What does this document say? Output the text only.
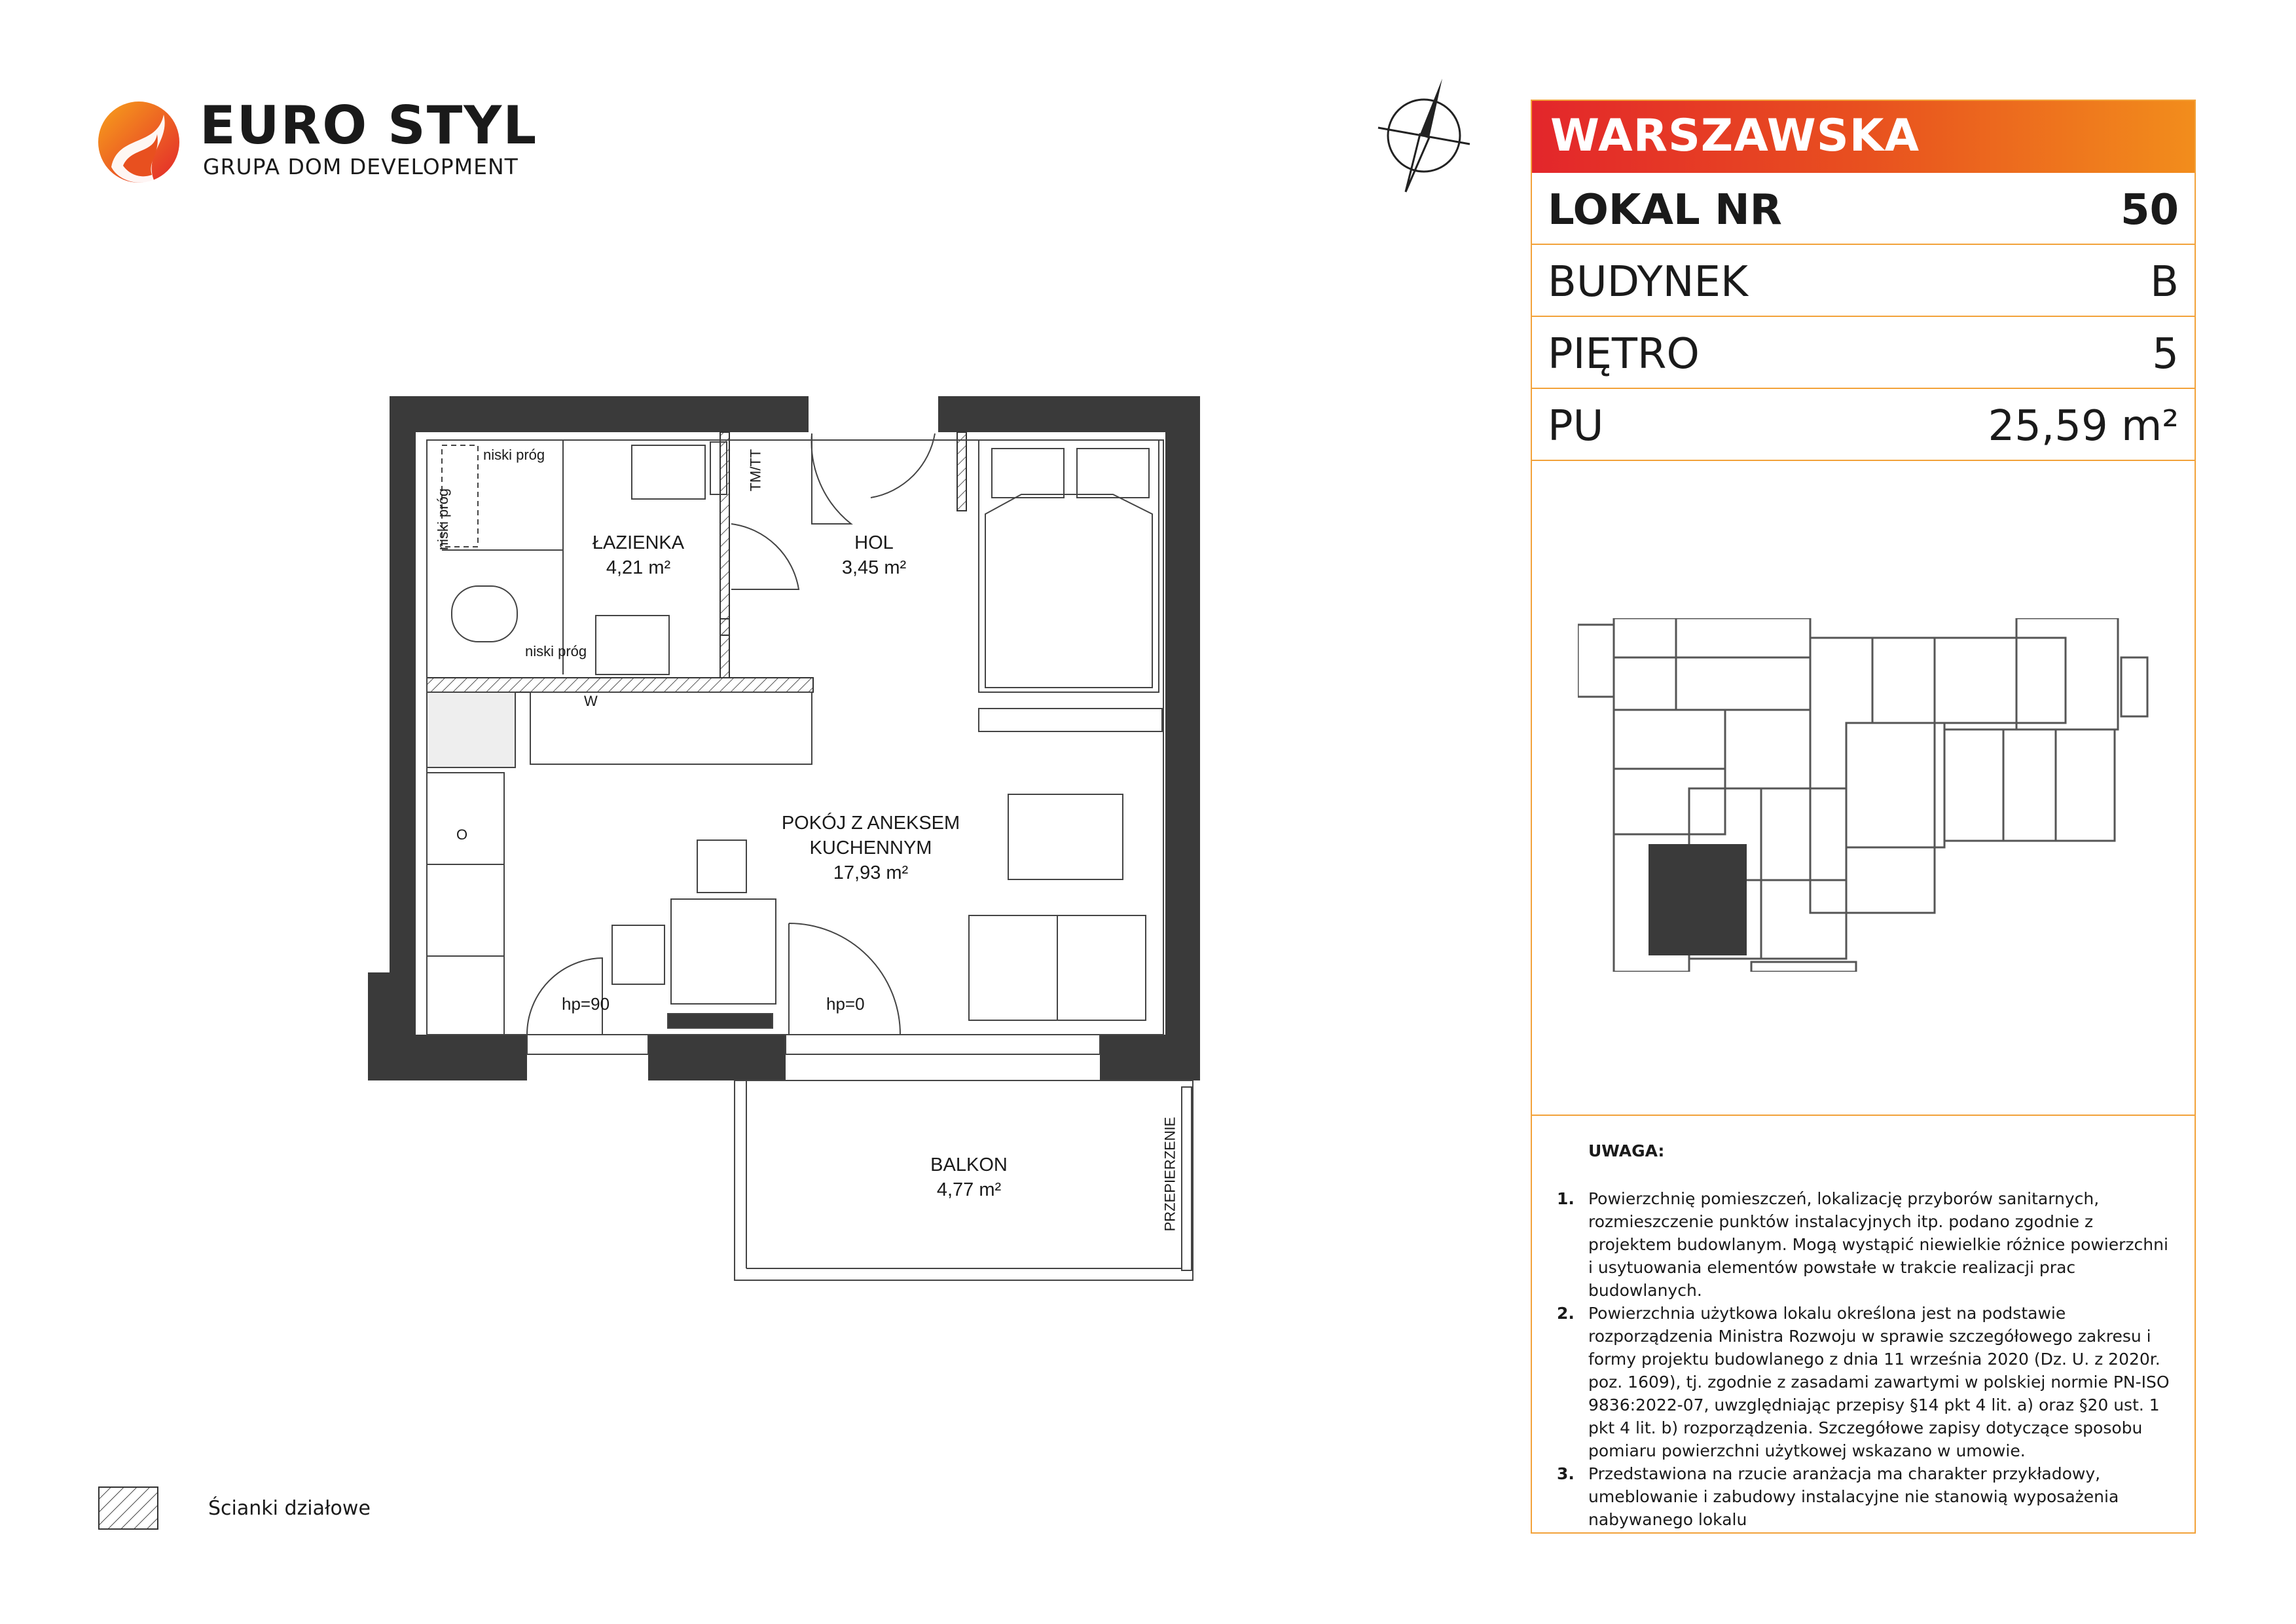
EURO STYL
GRUPA DOM DEVELOPMENT
ŁAZIENKA
4,21 m²
HOL
3,45 m²
POKÓJ Z ANEKSEM
KUCHENNYM
17,93 m²
BALKON
4,77 m²
niski próg
niski próg
niski próg
TM/TT
W
O
hp=90	hp=0
PRZEPIERZENIE
WARSZAWSKA
LOKAL NR	50
BUDYNEK	B
PIĘTRO	5
PU	25,59 m²
UWAGA:
1. Powierzchnię pomieszczeń, lokalizację przyborów sanitarnych, rozmieszczenie punktów instalacyjnych itp. podano zgodnie z projektem budowlanym. Mogą wystąpić niewielkie różnice powierzchni i usytuowania elementów powstałe w trakcie realizacji prac budowlanych.
2. Powierzchnia użytkowa lokalu określona jest na podstawie rozporządzenia Ministra Rozwoju w sprawie szczegółowego zakresu i formy projektu budowlanego z dnia 11 września 2020 (Dz. U. z 2020r. poz. 1609), tj. zgodnie z zasadami zawartymi w polskiej normie PN-ISO 9836:2022-07, uwzględniając przepisy §14 pkt 4 lit. a) oraz §20 ust. 1 pkt 4 lit. b) rozporządzenia. Szczegółowe zapisy dotyczące sposobu pomiaru powierzchni użytkowej wskazano w umowie.
3. Przedstawiona na rzucie aranżacja ma charakter przykładowy, umeblowanie i zabudowy instalacyjne nie stanowią wyposażenia nabywanego lokalu
Ścianki działowe
